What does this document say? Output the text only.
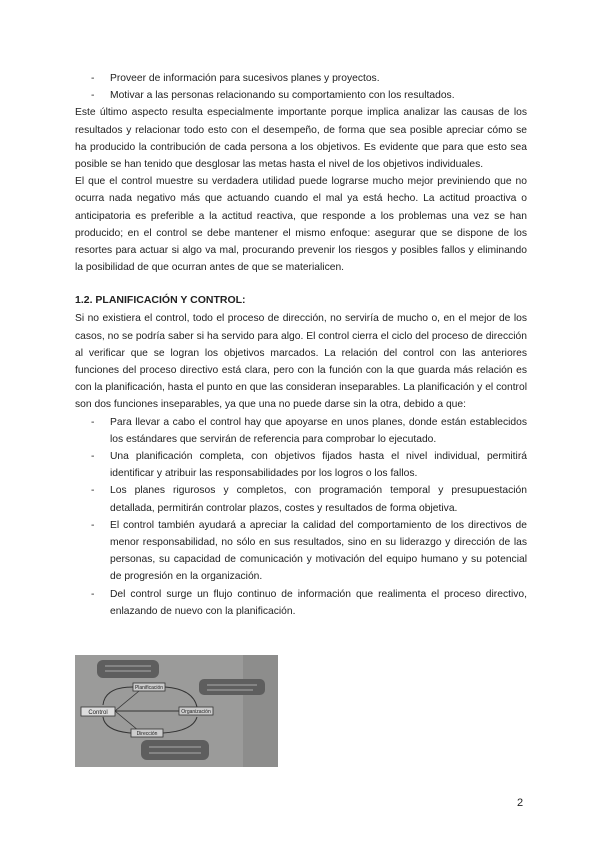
- Proveer de información para sucesivos planes y proyectos.
- Motivar a las personas relacionando su comportamiento con los resultados.

Este último aspecto resulta especialmente importante porque implica analizar las causas de los resultados y relacionar todo esto con el desempeño, de forma que sea posible apreciar cómo se ha producido la contribución de cada persona a los objetivos. Es evidente que para que esto sea posible se han tenido que desglosar las metas hasta el nivel de los objetivos individuales.

El que el control muestre su verdadera utilidad puede lograrse mucho mejor previniendo que no ocurra nada negativo más que actuando cuando el mal ya está hecho. La actitud proactiva o anticipatoria es preferible a la actitud reactiva, que responde a los problemas una vez se han producido; en el control se debe mantener el mismo enfoque: asegurar que se dispone de los resortes para actuar si algo va mal, procurando prevenir los riesgos y posibles fallos y eliminando la posibilidad de que ocurran antes de que se materialicen.

1.2. PLANIFICACIÓN Y CONTROL:

Si no existiera el control, todo el proceso de dirección, no serviría de mucho o, en el mejor de los casos, no se podría saber si ha servido para algo. El control cierra el ciclo del proceso de dirección al verificar que se logran los objetivos marcados. La relación del control con las anteriores funciones del proceso directivo está clara, pero con la función con la que guarda más relación es con la planificación, hasta el punto en que las consideran inseparables. La planificación y el control son dos funciones inseparables, ya que una no puede darse sin la otra, debido a que:

- Para llevar a cabo el control hay que apoyarse en unos planes, donde están establecidos los estándares que servirán de referencia para comprobar lo ejecutado.
- Una planificación completa, con objetivos fijados hasta el nivel individual, permitirá identificar y atribuir las responsabilidades por los logros o los fallos.
- Los planes rigurosos y completos, con programación temporal y presupuestación detallada, permitirán controlar plazos, costes y resultados de forma objetiva.
- El control también ayudará a apreciar la calidad del comportamiento de los directivos de menor responsabilidad, no sólo en sus resultados, sino en su liderazgo y dirección de las personas, su capacidad de comunicación y motivación del equipo humano y su potencial de progresión en la organización.
- Del control surge un flujo continuo de información que realimenta el proceso directivo, enlazando de nuevo con la planificación.
Control
Planificación
Organización
Dirección
2
